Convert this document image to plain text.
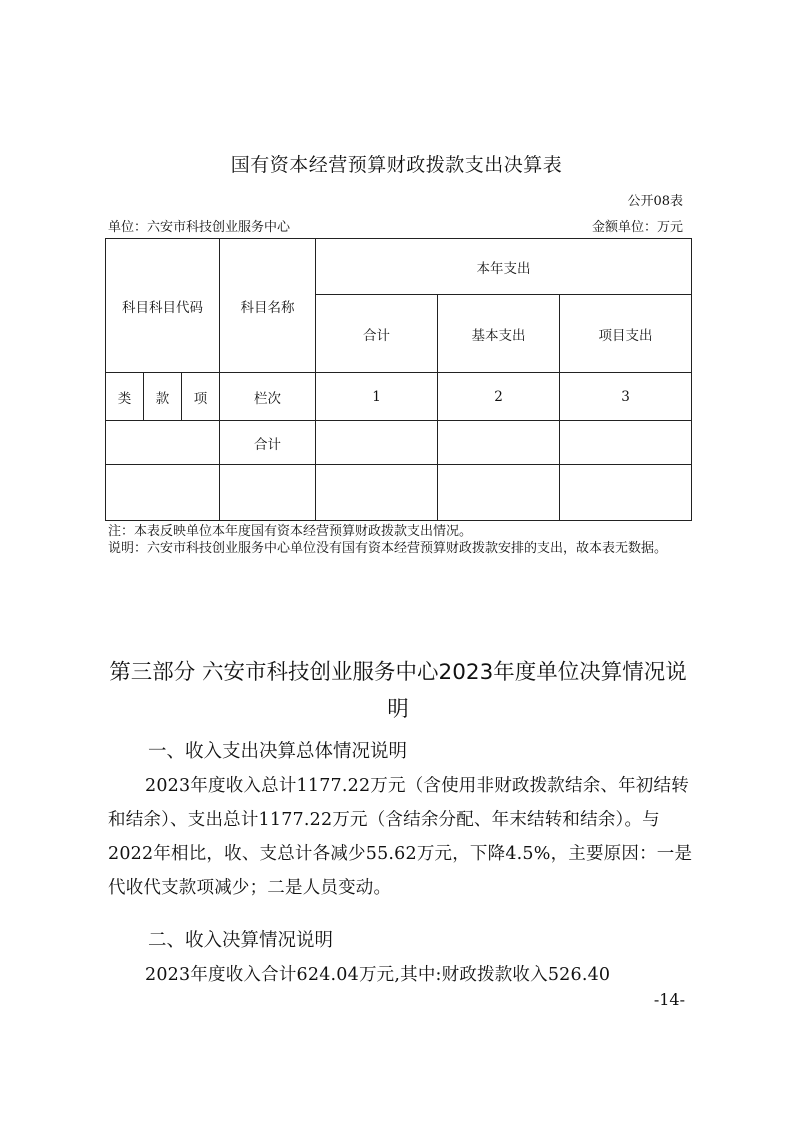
国有资本经营预算财政拨款支出决算表
公开08表
单位：六安市科技创业服务中心	金额单位：万元
科目科目代码			科目名称	本年支出		
				合计	基本支出	项目支出
类	款	项	栏次	1	2	3
			合计			

注：本表反映单位本年度国有资本经营预算财政拨款支出情况。
说明：六安市科技创业服务中心单位没有国有资本经营预算财政拨款安排的支出，故本表无数据。
第三部分 六安市科技创业服务中心2023年度单位决算情况说明
一、收入支出决算总体情况说明
2023年度收入总计1177.22万元（含使用非财政拨款结余、年初结转和结余）、支出总计1177.22万元（含结余分配、年末结转和结余）。与2022年相比，收、支总计各减少55.62万元，下降4.5%，主要原因：一是代收代支款项减少；二是人员变动。
二、收入决算情况说明
2023年度收入合计624.04万元,其中:财政拨款收入526.40
-14-
